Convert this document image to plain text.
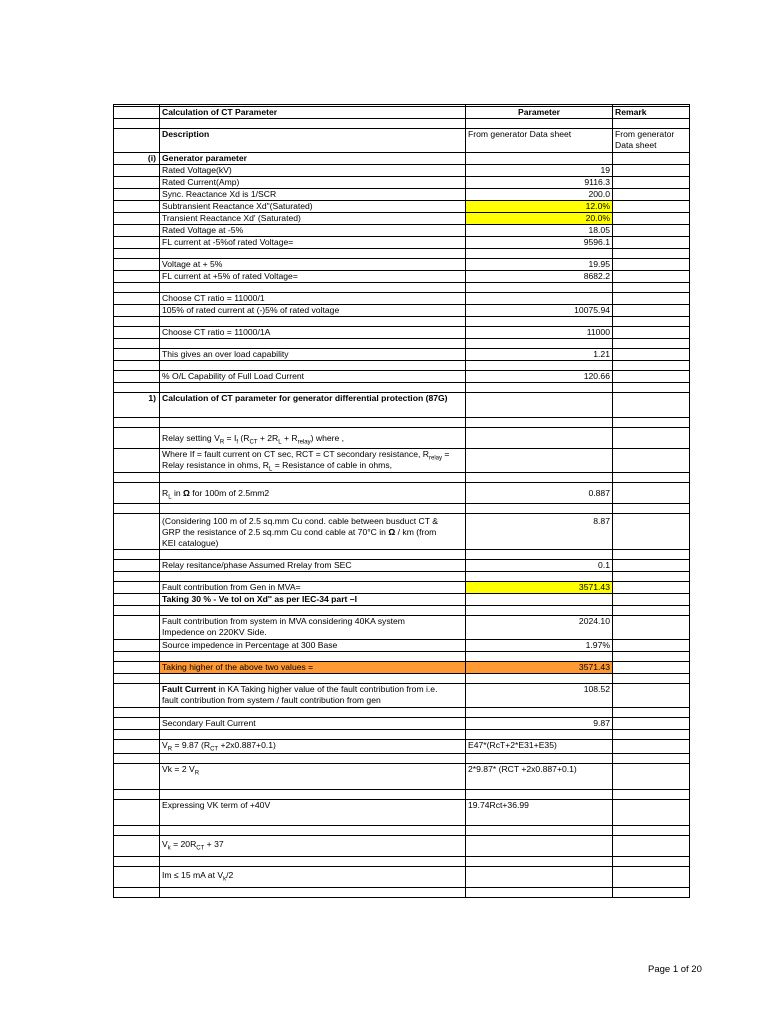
	Calculation of CT Parameter	Parameter	Remark

	Description	From generator Data sheet	From generator Data sheet
(i)	Generator parameter		
	Rated Voltage(kV)	19	
	Rated Current(Amp)	9116.3	
	Sync. Reactance Xd is 1/SCR	200.0	
	Subtransient Reactance Xd"(Saturated)	12.0%	
	Transient Reactance Xd' (Saturated)	20.0%	
	Rated Voltage at -5%	18.05	
	FL current at -5%of rated Voltage=	9596.1	

	Voltage at + 5%	19.95	
	FL current at +5% of rated Voltage=	8682.2	

	Choose CT ratio = 11000/1		
	105% of rated current at (-)5% of rated voltage	10075.94	

	Choose CT ratio = 11000/1A	11000	

	This gives an over load capability	1.21	

	% O/L Capability of Full Load Current	120.66	

1)	Calculation of CT parameter for generator differential protection (87G)		

	Relay setting $V_R = I_f$ $(R_{CT} + 2R_L + R_{relay})$ where ,		
	Where If = fault current on CT sec, RCT = CT secondary resistance, $R_{relay}$ =
Relay resistance in ohms, $R_L$ = Resistance of cable in ohms,		

	$R_L$ in Ω for 100m of 2.5mm2	0.887	

	(Considering 100 m of 2.5 sq.mm Cu cond. cable between busduct CT &
GRP the resistance of 2.5 sq.mm Cu cond cable at 70°C in Ω / km (from
KEI catalogue)	8.87	

	Relay resitance/phase Assumed Rrelay from SEC	0.1	

	Fault contribution from Gen in MVA=	3571.43	
	Taking 30 % - Ve tol on Xd'' as per IEC-34 part –I		

	Fault contribution from system in MVA considering 40KA system
Impedence on 220KV Side.	2024.10	
	Source impedence in Percentage at 300 Base	1.97%	

	Taking higher of the above two values =	3571.43	

	Fault Current in KA Taking higher value of the fault contribution from i.e.
fault contribution from system / fault contribution from gen	108.52	

	Secondary Fault Current	9.87	

	$V_R = 9.87$ $(R_{CT} +2x0.887+0.1)$	E47*(RcT+2*E31+E35)	

	Vk = 2 $V_R$	2*9.87* (RCT +2x0.887+0.1)	

	Expressing VK term of +40V	19.74Rct+36.99	

	$V_k = 20R_{CT} + 37$		

	Im ≤ 15 mA at $V_k/2$		

Page 1 of 20
